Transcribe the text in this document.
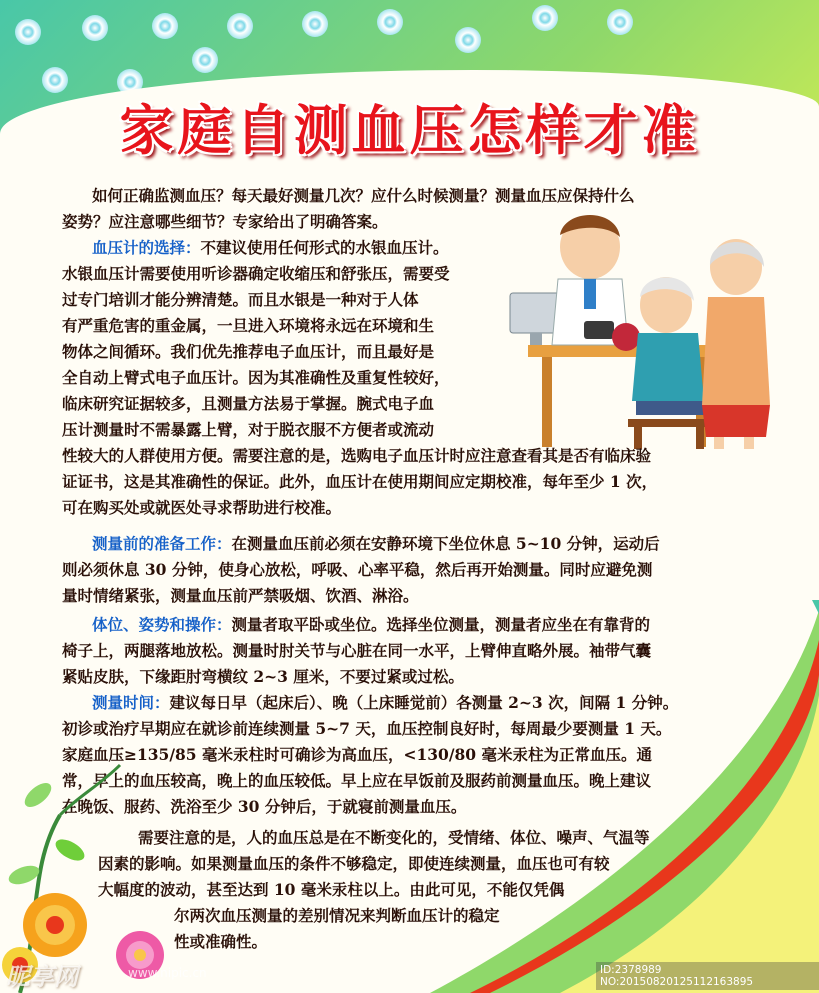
家庭自测血压怎样才准

如何正确监测血压？每天最好测量几次？应什么时候测量？测量血压应保持什么

姿势？应注意哪些细节？专家给出了明确答案。

血压计的选择：不建议使用任何形式的水银血压计。

水银血压计需要使用听诊器确定收缩压和舒张压，需要受

过专门培训才能分辨清楚。而且水银是一种对于人体

有严重危害的重金属，一旦进入环境将永远在环境和生

物体之间循环。我们优先推荐电子血压计，而且最好是

全自动上臂式电子血压计。因为其准确性及重复性较好，

临床研究证据较多，且测量方法易于掌握。腕式电子血

压计测量时不需暴露上臂，对于脱衣服不方便者或流动

性较大的人群使用方便。需要注意的是，选购电子血压计时应注意查看其是否有临床验

证证书，这是其准确性的保证。此外，血压计在使用期间应定期校准，每年至少 1 次，

可在购买处或就医处寻求帮助进行校准。

测量前的准备工作：在测量血压前必须在安静环境下坐位休息 5~10 分钟，运动后

则必须休息 30 分钟，使身心放松，呼吸、心率平稳，然后再开始测量。同时应避免测

量时情绪紧张，测量血压前严禁吸烟、饮酒、淋浴。

体位、姿势和操作：测量者取平卧或坐位。选择坐位测量，测量者应坐在有靠背的

椅子上，两腿落地放松。测量时肘关节与心脏在同一水平，上臂伸直略外展。袖带气囊

紧贴皮肤，下缘距肘弯横纹 2~3 厘米，不要过紧或过松。

测量时间：建议每日早（起床后）、晚（上床睡觉前）各测量 2~3 次，间隔 1 分钟。

初诊或治疗早期应在就诊前连续测量 5~7 天，血压控制良好时，每周最少要测量 1 天。

家庭血压≥135/85 毫米汞柱时可确诊为高血压，<130/80 毫米汞柱为正常血压。通

常，早上的血压较高，晚上的血压较低。早上应在早饭前及服药前测量血压。晚上建议

在晚饭、服药、洗浴至少 30 分钟后，于就寝前测量血压。

需要注意的是，人的血压总是在不断变化的，受情绪、体位、噪声、气温等

因素的影响。如果测量血压的条件不够稳定，即使连续测量，血压也可有较

大幅度的波动，甚至达到 10 毫米汞柱以上。由此可见，不能仅凭偶

尔两次血压测量的差别情况来判断血压计的稳定

性或准确性。

昵享网	www.nipic.cn	ID:2378989 NO:20150820125112163895
